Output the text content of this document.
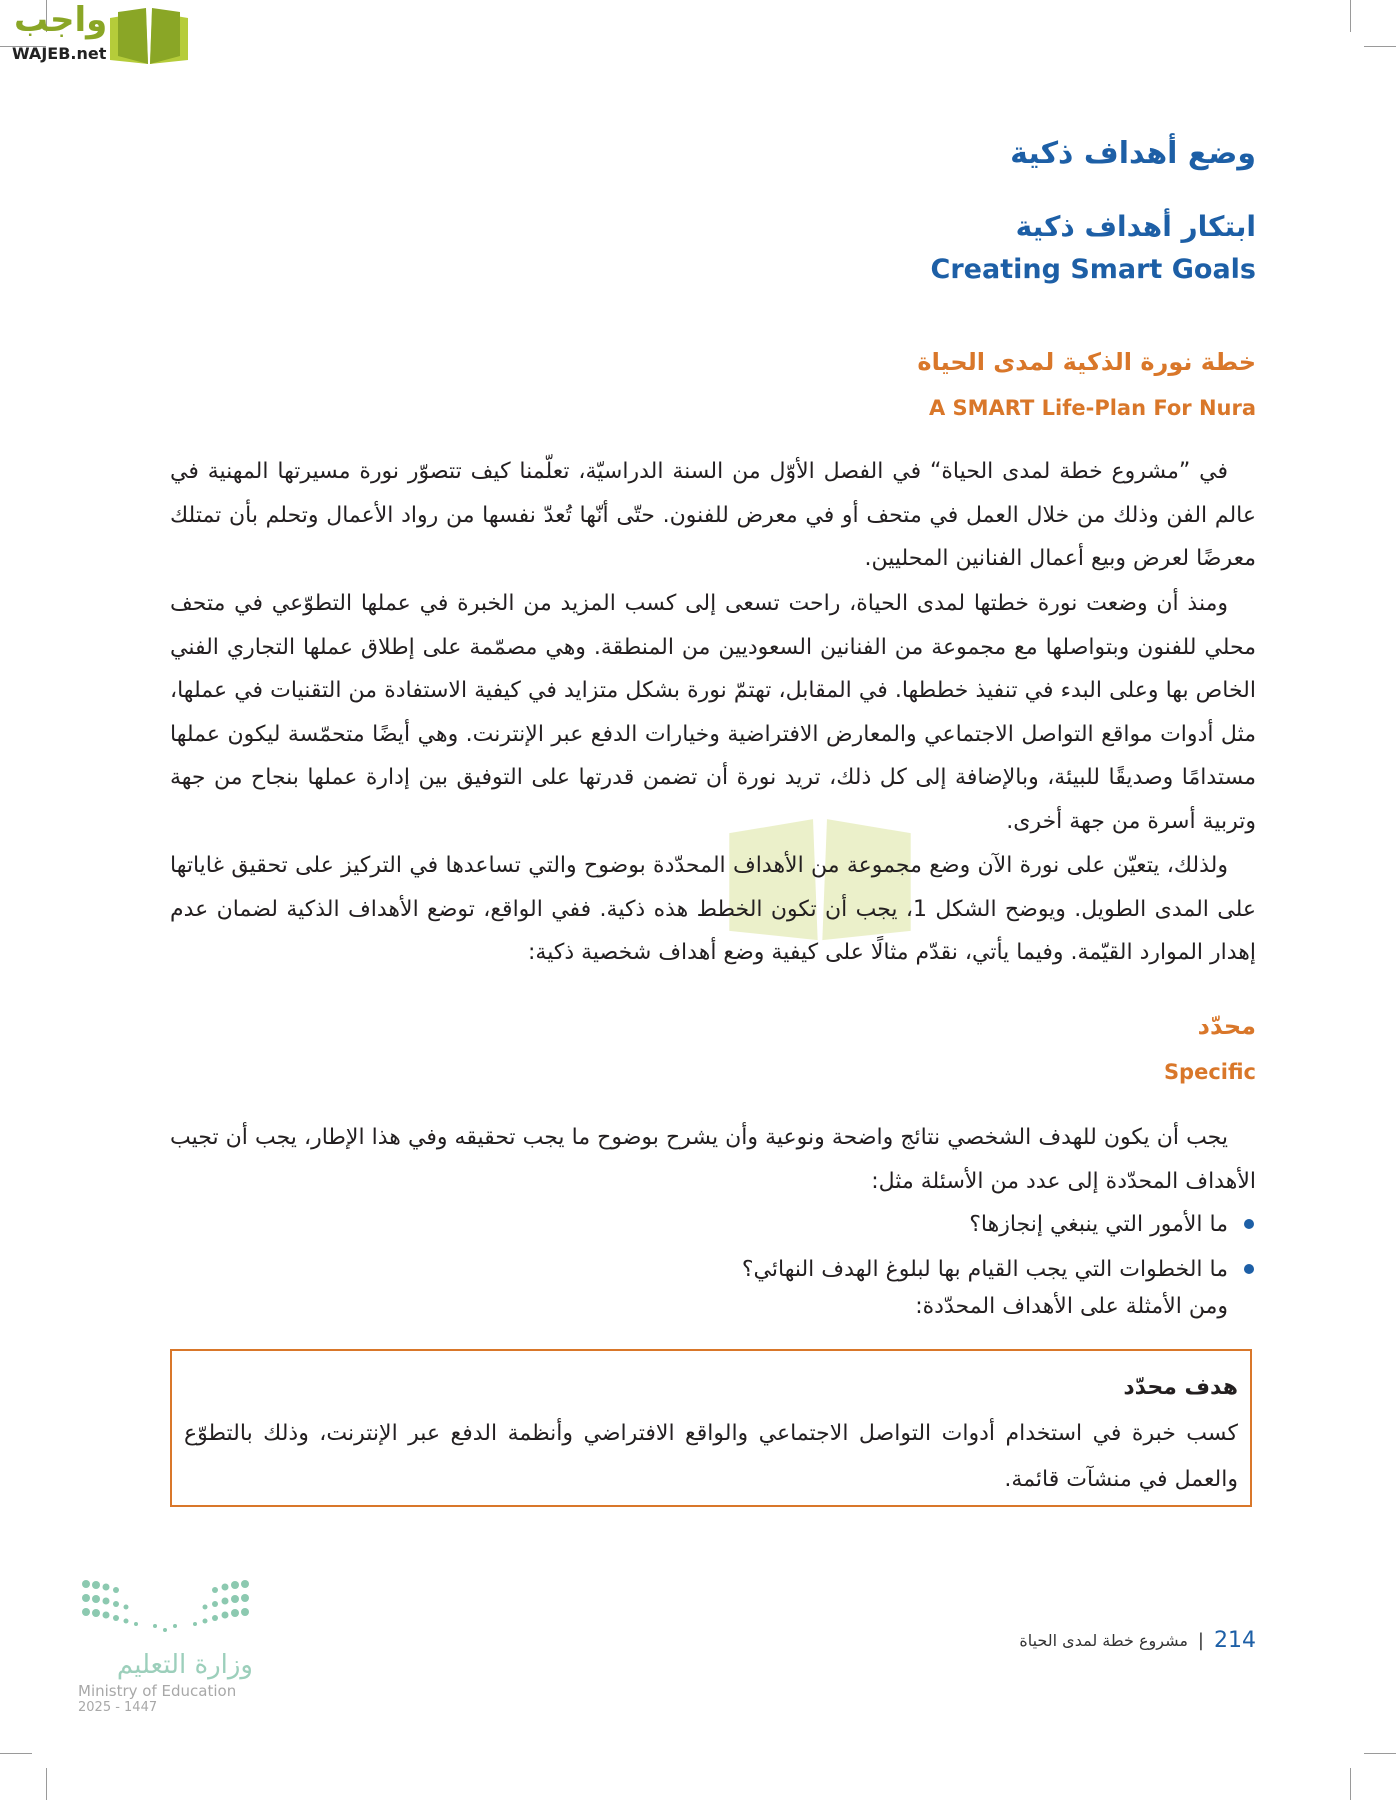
واجب
WAJEB.net
وضع أهداف ذكية
ابتكار أهداف ذكية
Creating Smart Goals
خطة نورة الذكية لمدى الحياة
A SMART Life-Plan For Nura

في ”مشروع خطة لمدى الحياة“ في الفصل الأوّل من السنة الدراسيّة، تعلّمنا كيف تتصوّر نورة مسيرتها المهنية في عالم الفن وذلك من خلال العمل في متحف أو في معرض للفنون. حتّى أنّها تُعدّ نفسها من رواد الأعمال وتحلم بأن تمتلك معرضًا لعرض وبيع أعمال الفنانين المحليين.

ومنذ أن وضعت نورة خطتها لمدى الحياة، راحت تسعى إلى كسب المزيد من الخبرة في عملها التطوّعي في متحف محلي للفنون وبتواصلها مع مجموعة من الفنانين السعوديين من المنطقة. وهي مصمّمة على إطلاق عملها التجاري الفني الخاص بها وعلى البدء في تنفيذ خططها. في المقابل، تهتمّ نورة بشكل متزايد في كيفية الاستفادة من التقنيات في عملها، مثل أدوات مواقع التواصل الاجتماعي والمعارض الافتراضية وخيارات الدفع عبر الإنترنت. وهي أيضًا متحمّسة ليكون عملها مستدامًا وصديقًا للبيئة، وبالإضافة إلى كل ذلك، تريد نورة أن تضمن قدرتها على التوفيق بين إدارة عملها بنجاح من جهة وتربية أسرة من جهة أخرى.

ولذلك، يتعيّن على نورة الآن وضع مجموعة من الأهداف المحدّدة بوضوح والتي تساعدها في التركيز على تحقيق غاياتها على المدى الطويل. ويوضح الشكل 1، يجب أن تكون الخطط هذه ذكية. ففي الواقع، توضع الأهداف الذكية لضمان عدم إهدار الموارد القيّمة. وفيما يأتي، نقدّم مثالًا على كيفية وضع أهداف شخصية ذكية:

محدّد
Specific

يجب أن يكون للهدف الشخصي نتائج واضحة ونوعية وأن يشرح بوضوح ما يجب تحقيقه وفي هذا الإطار، يجب أن تجيب الأهداف المحدّدة إلى عدد من الأسئلة مثل:

ما الأمور التي ينبغي إنجازها؟
ما الخطوات التي يجب القيام بها لبلوغ الهدف النهائي؟
ومن الأمثلة على الأهداف المحدّدة:
هدف محدّد
كسب خبرة في استخدام أدوات التواصل الاجتماعي والواقع الافتراضي وأنظمة الدفع عبر الإنترنت، وذلك بالتطوّع والعمل في منشآت قائمة.
وزارة التعليم
Ministry of Education
2025 - 1447
214
|
مشروع خطة لمدى الحياة
